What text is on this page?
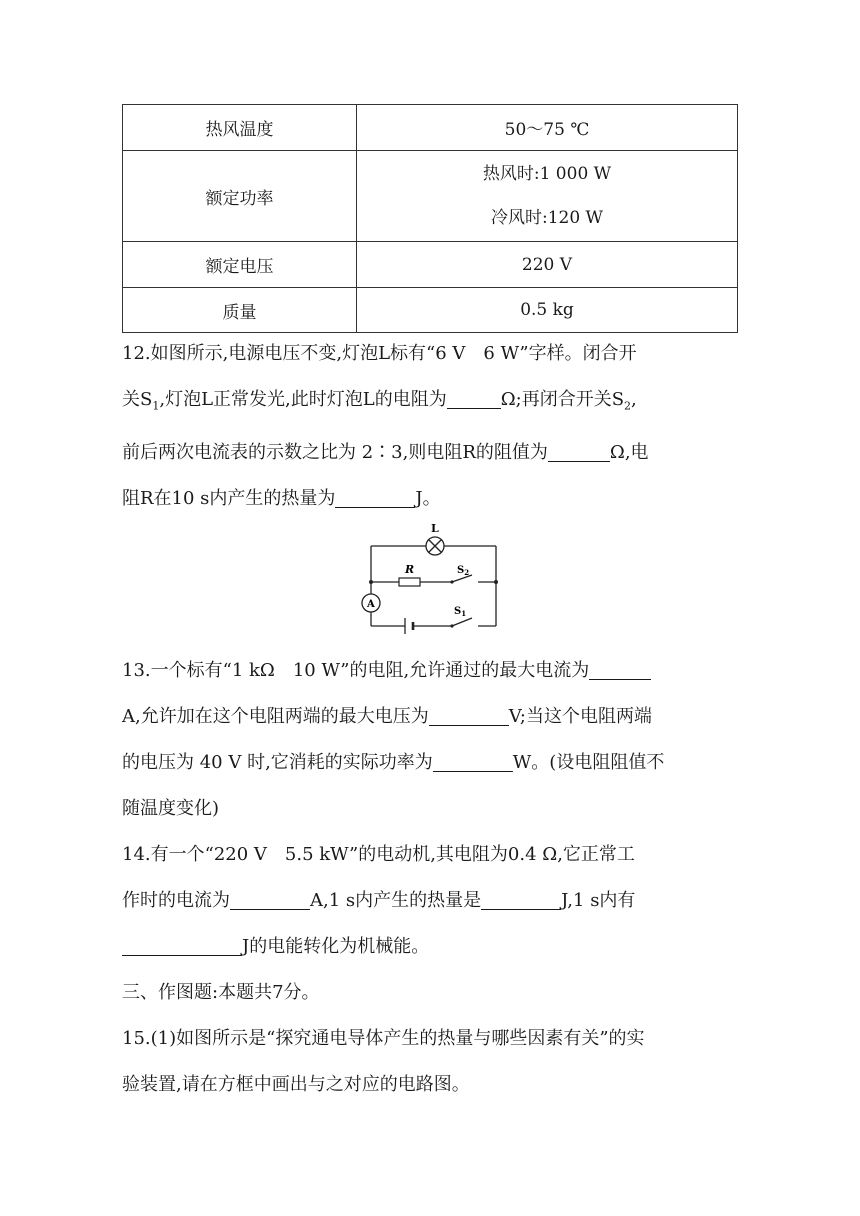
热风温度	50～75 ℃
额定功率	热风时:1 000 W
冷风时:120 W

额定电压	220 V
质量	0.5 kg
12.如图所示,电源电压不变,灯泡L标有“6 V　6 W”字样。闭合开
关$S_1$,灯泡L正常发光,此时灯泡L的电阻为	Ω;再闭合开关$S_2$,
前后两次电流表的示数之比为 2∶3,则电阻R的阻值为	Ω,电
阻R在10 s内产生的热量为	J。
L
R	$S_2$
$S_1$
A
13.一个标有“1 kΩ　10 W”的电阻,允许通过的最大电流为
A,允许加在这个电阻两端的最大电压为	V;当这个电阻两端
的电压为 40 V 时,它消耗的实际功率为	W。(设电阻阻值不
随温度变化)
14.有一个“220 V　5.5 kW”的电动机,其电阻为0.4 Ω,它正常工
作时的电流为	A,1 s内产生的热量是	J,1 s内有
J的电能转化为机械能。
三、作图题:本题共7分。
15.(1)如图所示是“探究通电导体产生的热量与哪些因素有关”的实
验装置,请在方框中画出与之对应的电路图。
